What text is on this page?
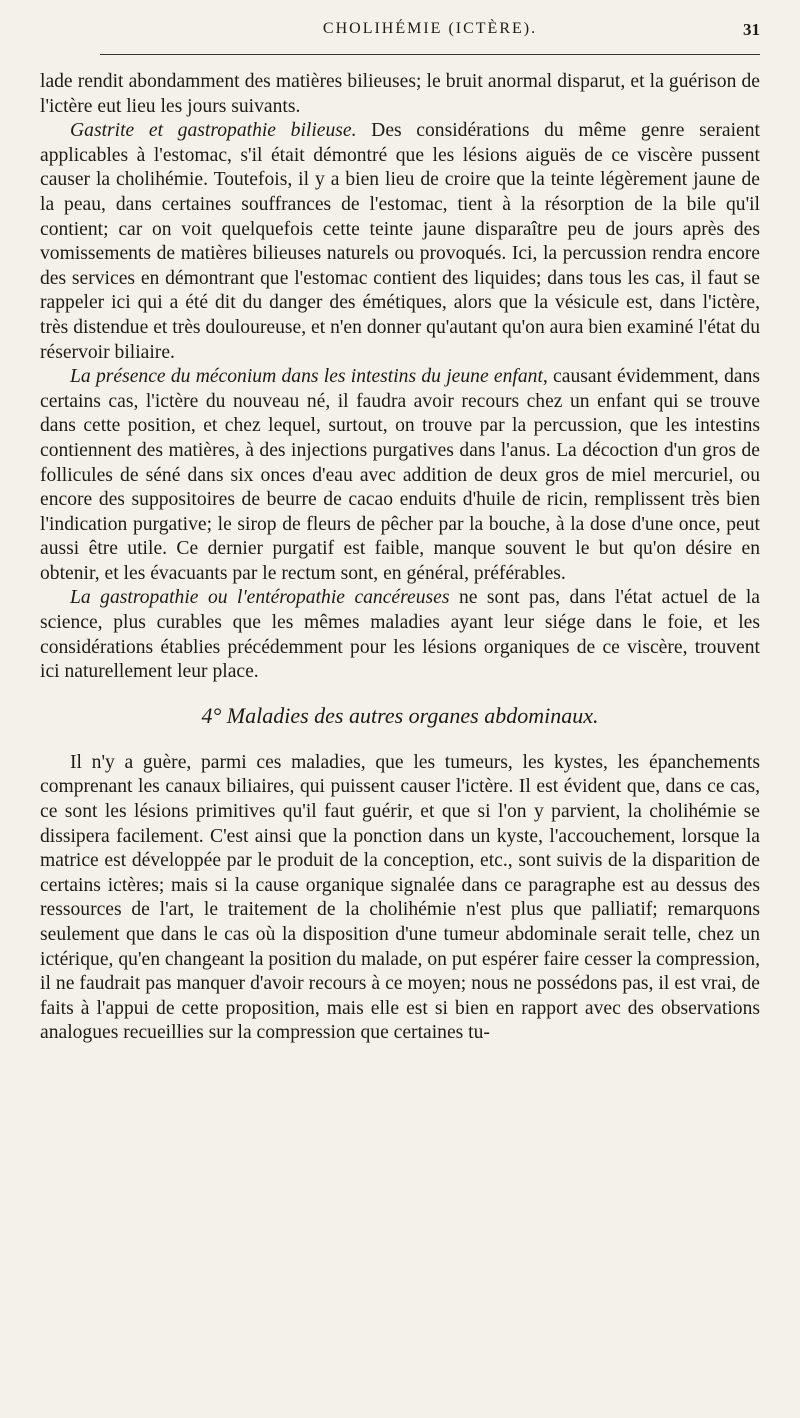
CHOLIHÉMIE (ICTÈRE).	31

lade rendit abondamment des matières bilieuses; le bruit anormal disparut, et la guérison de l'ictère eut lieu les jours suivants.

Gastrite et gastropathie bilieuse. Des considérations du même genre seraient applicables à l'estomac, s'il était démontré que les lésions aiguës de ce viscère pussent causer la cholihémie. Toutefois, il y a bien lieu de croire que la teinte légèrement jaune de la peau, dans certaines souffrances de l'estomac, tient à la résorption de la bile qu'il contient; car on voit quelquefois cette teinte jaune disparaître peu de jours après des vomissements de matières bilieuses naturels ou provoqués. Ici, la percussion rendra encore des services en démontrant que l'estomac contient des liquides; dans tous les cas, il faut se rappeler ici qui a été dit du danger des émétiques, alors que la vésicule est, dans l'ictère, très distendue et très douloureuse, et n'en donner qu'autant qu'on aura bien examiné l'état du réservoir biliaire.

La présence du méconium dans les intestins du jeune enfant, causant évidemment, dans certains cas, l'ictère du nouveau né, il faudra avoir recours chez un enfant qui se trouve dans cette position, et chez lequel, surtout, on trouve par la percussion, que les intestins contiennent des matières, à des injections purgatives dans l'anus. La décoction d'un gros de follicules de séné dans six onces d'eau avec addition de deux gros de miel mercuriel, ou encore des suppositoires de beurre de cacao enduits d'huile de ricin, remplissent très bien l'indication purgative; le sirop de fleurs de pêcher par la bouche, à la dose d'une once, peut aussi être utile. Ce dernier purgatif est faible, manque souvent le but qu'on désire en obtenir, et les évacuants par le rectum sont, en général, préférables.

La gastropathie ou l'entéropathie cancéreuses ne sont pas, dans l'état actuel de la science, plus curables que les mêmes maladies ayant leur siége dans le foie, et les considérations établies précédemment pour les lésions organiques de ce viscère, trouvent ici naturellement leur place.

4° Maladies des autres organes abdominaux.

Il n'y a guère, parmi ces maladies, que les tumeurs, les kystes, les épanchements comprenant les canaux biliaires, qui puissent causer l'ictère. Il est évident que, dans ce cas, ce sont les lésions primitives qu'il faut guérir, et que si l'on y parvient, la cholihémie se dissipera facilement. C'est ainsi que la ponction dans un kyste, l'accouchement, lorsque la matrice est développée par le produit de la conception, etc., sont suivis de la disparition de certains ictères; mais si la cause organique signalée dans ce paragraphe est au dessus des ressources de l'art, le traitement de la cholihémie n'est plus que palliatif; remarquons seulement que dans le cas où la disposition d'une tumeur abdominale serait telle, chez un ictérique, qu'en changeant la position du malade, on put espérer faire cesser la compression, il ne faudrait pas manquer d'avoir recours à ce moyen; nous ne possédons pas, il est vrai, de faits à l'appui de cette proposition, mais elle est si bien en rapport avec des observations analogues recueillies sur la compression que certaines tu-
